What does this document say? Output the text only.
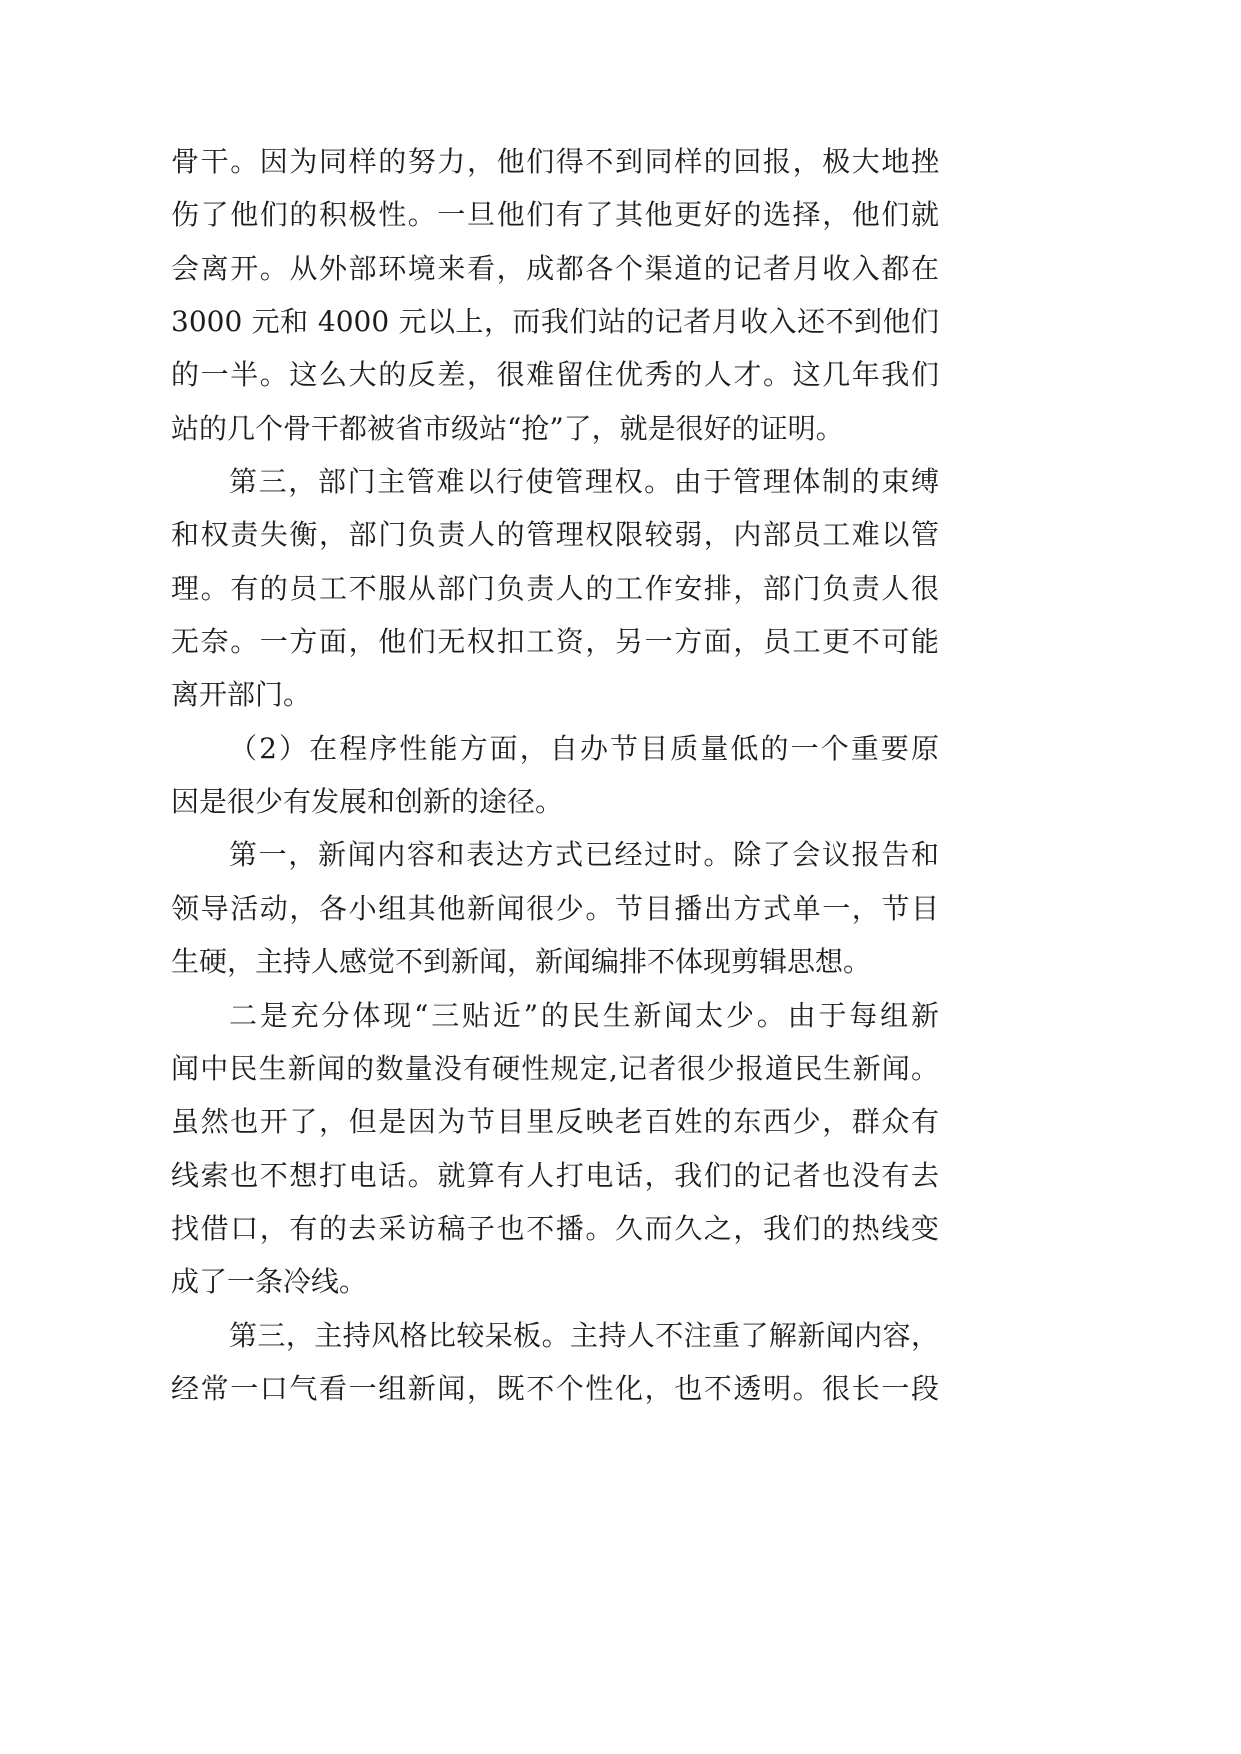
骨干。因为同样的努力，他们得不到同样的回报，极大地挫
伤了他们的积极性。一旦他们有了其他更好的选择，他们就
会离开。从外部环境来看，成都各个渠道的记者月收入都在
3000 元和 4000 元以上，而我们站的记者月收入还不到他们
的一半。这么大的反差，很难留住优秀的人才。这几年我们
站的几个骨干都被省市级站“抢”了，就是很好的证明。
第三，部门主管难以行使管理权。由于管理体制的束缚
和权责失衡，部门负责人的管理权限较弱，内部员工难以管
理。有的员工不服从部门负责人的工作安排，部门负责人很
无奈。一方面，他们无权扣工资，另一方面，员工更不可能
离开部门。
（2）在程序性能方面，自办节目质量低的一个重要原
因是很少有发展和创新的途径。
第一，新闻内容和表达方式已经过时。除了会议报告和
领导活动，各小组其他新闻很少。节目播出方式单一，节目
生硬，主持人感觉不到新闻，新闻编排不体现剪辑思想。
二是充分体现“三贴近”的民生新闻太少。由于每组新
闻中民生新闻的数量没有硬性规定,记者很少报道民生新闻。
虽然也开了，但是因为节目里反映老百姓的东西少，群众有
线索也不想打电话。就算有人打电话，我们的记者也没有去
找借口，有的去采访稿子也不播。久而久之，我们的热线变
成了一条冷线。
第三，主持风格比较呆板。主持人不注重了解新闻内容，
经常一口气看一组新闻，既不个性化，也不透明。很长一段
